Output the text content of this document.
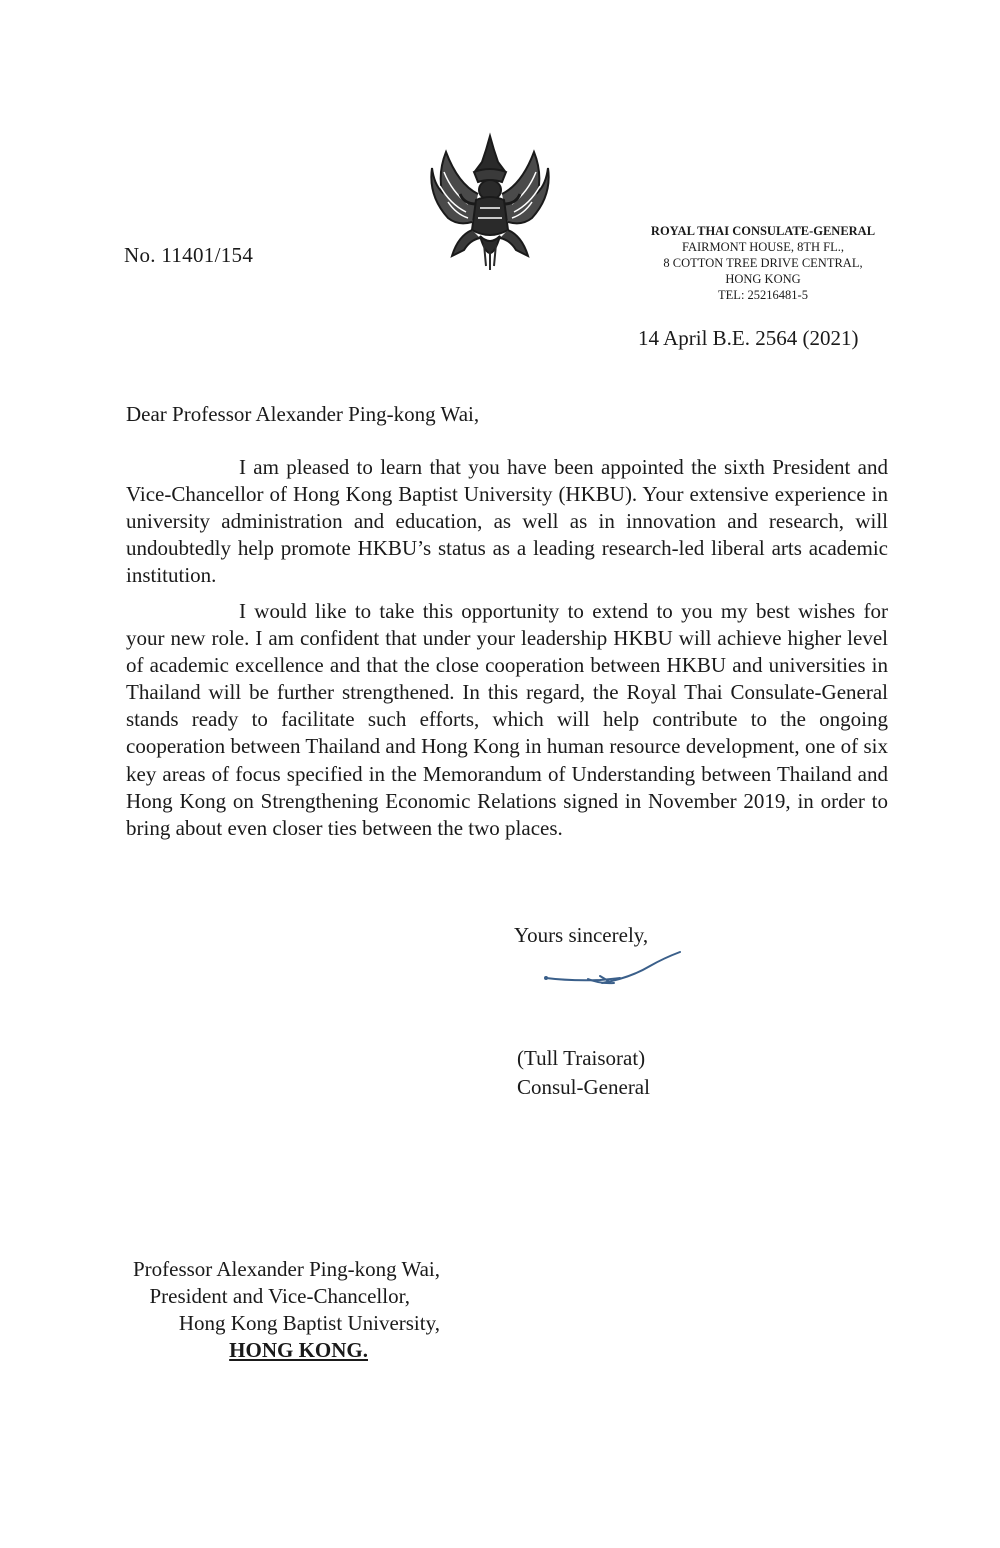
No. 11401/154
ROYAL THAI CONSULATE-GENERAL
FAIRMONT HOUSE, 8TH FL.,
8 COTTON TREE DRIVE CENTRAL,
HONG KONG
TEL: 25216481-5
14 April B.E. 2564 (2021)
Dear Professor Alexander Ping-kong Wai,

I am pleased to learn that you have been appointed the sixth President and Vice-Chancellor of Hong Kong Baptist University (HKBU). Your extensive experience in university administration and education, as well as in innovation and research, will undoubtedly help promote HKBU’s status as a leading research-led liberal arts academic institution.

I would like to take this opportunity to extend to you my best wishes for your new role. I am confident that under your leadership HKBU will achieve higher level of academic excellence and that the close cooperation between HKBU and universities in Thailand will be further strengthened. In this regard, the Royal Thai Consulate-General stands ready to facilitate such efforts, which will help contribute to the ongoing cooperation between Thailand and Hong Kong in human resource development, one of six key areas of focus specified in the Memorandum of Understanding between Thailand and Hong Kong on Strengthening Economic Relations signed in November 2019, in order to bring about even closer ties between the two places.

Yours sincerely,
(Tull Traisorat)
Consul-General
Professor Alexander Ping-kong Wai,
President and Vice-Chancellor,
Hong Kong Baptist University,
HONG KONG.
